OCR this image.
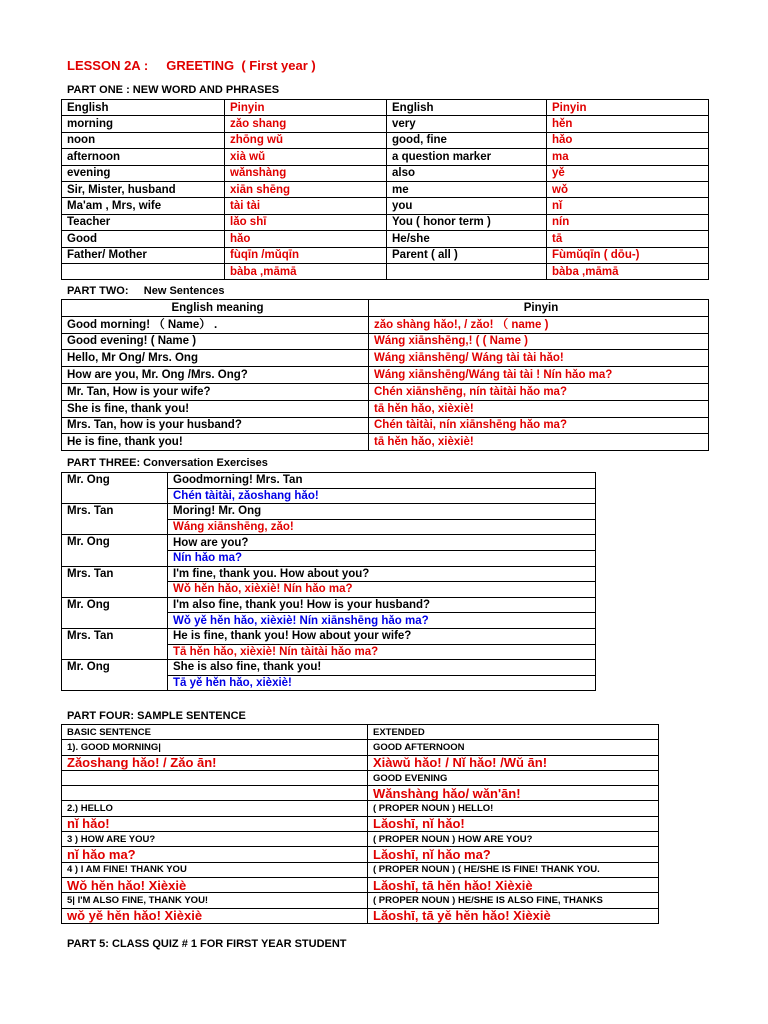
LESSON 2A :     GREETING  ( First year )
PART ONE : NEW WORD AND PHRASES
English	Pinyin	English	Pinyin
morning	zǎo shang	very	hěn
noon	zhōng wǔ	good, fine	hǎo
afternoon	xià wǔ	a question marker	ma
evening	wǎnshàng	also	yě
Sir, Mister, husband	xiān shēng	me	wǒ
Ma'am , Mrs, wife	tài tài	you	nǐ
Teacher	lǎo shī	You ( honor term )	nín
Good	hǎo	He/she	tā
Father/ Mother	fùqīn /mǔqīn	Parent ( all )	Fùmǔqīn ( dōu-)
	bàba ,māmā		bàba ,māmā
PART TWO:     New Sentences
English meaning	Pinyin
Good morning! （ Name） .	zǎo shàng hǎo!, / zǎo! （ name )
Good evening! ( Name )	Wáng xiānshēng,! ( ( Name )
Hello, Mr Ong/ Mrs. Ong	Wáng xiānshēng/ Wáng tài tài hǎo!
How are you, Mr. Ong /Mrs. Ong?	Wáng xiānshēng/Wáng tài tài ! Nín hǎo ma?
Mr. Tan, How is your wife?	Chén xiānshēng, nín tàitài hǎo ma?
She is fine, thank you!	tā hěn hǎo, xièxiè!
Mrs. Tan, how is your husband?	Chén tàitài, nín xiānshēng hǎo ma?
He is fine, thank you!	tā hěn hǎo, xièxiè!
PART THREE: Conversation Exercises
Mr. Ong	Goodmorning! Mrs. Tan
	Chén tàitài, zǎoshang hǎo!
Mrs. Tan	Moring! Mr. Ong
	Wáng xiānshēng, zǎo!
Mr. Ong	How are you?
	Nín hǎo ma?
Mrs. Tan	I'm fine, thank you. How about you?
	Wǒ hěn hǎo, xièxiè! Nín hǎo ma?
Mr. Ong	I'm also fine, thank you! How is your husband?
	Wǒ yě hěn hǎo, xièxiè! Nín xiānshēng hǎo ma?
Mrs. Tan	He is fine, thank you! How about your wife?
	Tā hěn hǎo, xièxiè! Nín tàitài hǎo ma?
Mr. Ong	She is also fine, thank you!
	Tā yě hěn hǎo, xièxiè!
PART FOUR: SAMPLE SENTENCE
BASIC SENTENCE	EXTENDED
1). GOOD MORNING|	GOOD AFTERNOON
Zǎoshang hǎo! / Zǎo ān!	Xiàwǔ hǎo! / Nǐ hǎo! /Wǔ ān!
	GOOD EVENING
	Wǎnshàng hǎo/ wǎn'ān!
2.) HELLO	( PROPER NOUN ) HELLO!
nǐ hǎo!	Lǎoshī, nǐ hǎo!
3 ) HOW ARE YOU?	( PROPER NOUN ) HOW ARE YOU?
nǐ hǎo ma?	Lǎoshī, nǐ hǎo ma?
4 ) I AM FINE! THANK YOU	( PROPER NOUN ) ( HE/SHE IS FINE! THANK YOU.
Wǒ hěn hǎo! Xièxiè	Lǎoshī, tā hěn hǎo! Xièxiè
5| I'M ALSO FINE, THANK YOU!	( PROPER NOUN ) HE/SHE IS ALSO FINE, THANKS
wǒ yě hěn hǎo! Xièxiè	Lǎoshī, tā yě hěn hǎo! Xièxiè
PART 5: CLASS QUIZ # 1 FOR FIRST YEAR STUDENT
